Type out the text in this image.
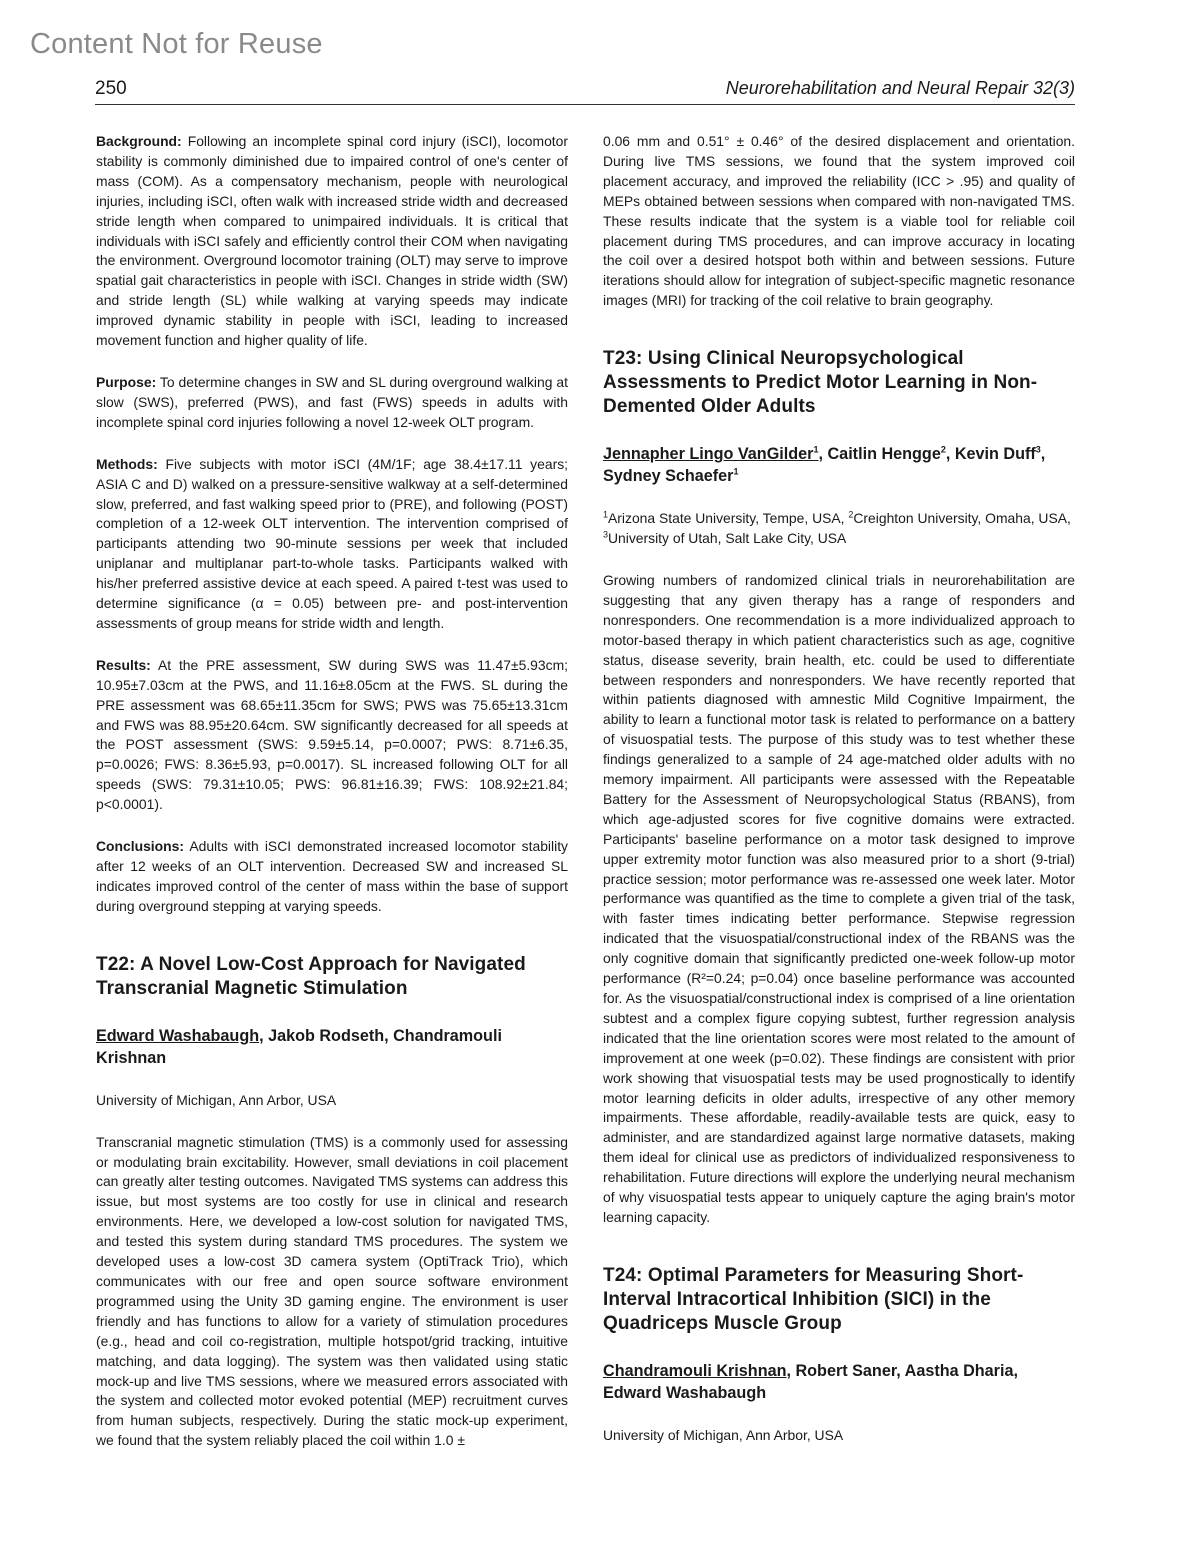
Content Not for Reuse
250	Neurorehabilitation and Neural Repair 32(3)

Background: Following an incomplete spinal cord injury (iSCI), locomotor stability is commonly diminished due to impaired control of one's center of mass (COM). As a compensatory mechanism, people with neurological injuries, including iSCI, often walk with increased stride width and decreased stride length when compared to unimpaired individuals. It is critical that individuals with iSCI safely and efficiently control their COM when navigating the environment. Overground locomotor training (OLT) may serve to improve spatial gait characteristics in people with iSCI. Changes in stride width (SW) and stride length (SL) while walking at varying speeds may indicate improved dynamic stability in people with iSCI, leading to increased movement function and higher quality of life.

Purpose: To determine changes in SW and SL during overground walking at slow (SWS), preferred (PWS), and fast (FWS) speeds in adults with incomplete spinal cord injuries following a novel 12-week OLT program.

Methods: Five subjects with motor iSCI (4M/1F; age 38.4±17.11 years; ASIA C and D) walked on a pressure-sensitive walkway at a self-determined slow, preferred, and fast walking speed prior to (PRE), and following (POST) completion of a 12-week OLT intervention. The intervention comprised of participants attending two 90-minute sessions per week that included uniplanar and multiplanar part-to-whole tasks. Participants walked with his/her preferred assistive device at each speed. A paired t-test was used to determine significance (α = 0.05) between pre- and post-intervention assessments of group means for stride width and length.

Results: At the PRE assessment, SW during SWS was 11.47±5.93cm; 10.95±7.03cm at the PWS, and 11.16±8.05cm at the FWS. SL during the PRE assessment was 68.65±11.35cm for SWS; PWS was 75.65±13.31cm and FWS was 88.95±20.64cm. SW significantly decreased for all speeds at the POST assessment (SWS: 9.59±5.14, p=0.0007; PWS: 8.71±6.35, p=0.0026; FWS: 8.36±5.93, p=0.0017). SL increased following OLT for all speeds (SWS: 79.31±10.05; PWS: 96.81±16.39; FWS: 108.92±21.84; p<0.0001).

Conclusions: Adults with iSCI demonstrated increased locomotor stability after 12 weeks of an OLT intervention. Decreased SW and increased SL indicates improved control of the center of mass within the base of support during overground stepping at varying speeds.

T22: A Novel Low-Cost Approach for Navigated Transcranial Magnetic Stimulation

Edward Washabaugh, Jakob Rodseth, Chandramouli Krishnan

University of Michigan, Ann Arbor, USA

Transcranial magnetic stimulation (TMS) is a commonly used for assessing or modulating brain excitability. However, small deviations in coil placement can greatly alter testing outcomes. Navigated TMS systems can address this issue, but most systems are too costly for use in clinical and research environments. Here, we developed a low-cost solution for navigated TMS, and tested this system during standard TMS procedures. The system we developed uses a low-cost 3D camera system (OptiTrack Trio), which communicates with our free and open source software environment programmed using the Unity 3D gaming engine. The environment is user friendly and has functions to allow for a variety of stimulation procedures (e.g., head and coil co-registration, multiple hotspot/grid tracking, intuitive matching, and data logging). The system was then validated using static mock-up and live TMS sessions, where we measured errors associated with the system and collected motor evoked potential (MEP) recruitment curves from human subjects, respectively. During the static mock-up experiment, we found that the system reliably placed the coil within 1.0 ±

0.06 mm and 0.51° ± 0.46° of the desired displacement and orientation. During live TMS sessions, we found that the system improved coil placement accuracy, and improved the reliability (ICC > .95) and quality of MEPs obtained between sessions when compared with non-navigated TMS. These results indicate that the system is a viable tool for reliable coil placement during TMS procedures, and can improve accuracy in locating the coil over a desired hotspot both within and between sessions. Future iterations should allow for integration of subject-specific magnetic resonance images (MRI) for tracking of the coil relative to brain geography.

T23: Using Clinical Neuropsychological Assessments to Predict Motor Learning in Non-Demented Older Adults

Jennapher Lingo VanGilder$^1$, Caitlin Hengge$^2$, Kevin Duff$^3$, Sydney Schaefer$^1$

$^1$Arizona State University, Tempe, USA, $^2$Creighton University, Omaha, USA, $^3$University of Utah, Salt Lake City, USA

Growing numbers of randomized clinical trials in neurorehabilitation are suggesting that any given therapy has a range of responders and nonresponders. One recommendation is a more individualized approach to motor-based therapy in which patient characteristics such as age, cognitive status, disease severity, brain health, etc. could be used to differentiate between responders and nonresponders. We have recently reported that within patients diagnosed with amnestic Mild Cognitive Impairment, the ability to learn a functional motor task is related to performance on a battery of visuospatial tests. The purpose of this study was to test whether these findings generalized to a sample of 24 age-matched older adults with no memory impairment. All participants were assessed with the Repeatable Battery for the Assessment of Neuropsychological Status (RBANS), from which age-adjusted scores for five cognitive domains were extracted. Participants' baseline performance on a motor task designed to improve upper extremity motor function was also measured prior to a short (9-trial) practice session; motor performance was re-assessed one week later. Motor performance was quantified as the time to complete a given trial of the task, with faster times indicating better performance. Stepwise regression indicated that the visuospatial/constructional index of the RBANS was the only cognitive domain that significantly predicted one-week follow-up motor performance (R²=0.24; p=0.04) once baseline performance was accounted for. As the visuospatial/constructional index is comprised of a line orientation subtest and a complex figure copying subtest, further regression analysis indicated that the line orientation scores were most related to the amount of improvement at one week (p=0.02). These findings are consistent with prior work showing that visuospatial tests may be used prognostically to identify motor learning deficits in older adults, irrespective of any other memory impairments. These affordable, readily-available tests are quick, easy to administer, and are standardized against large normative datasets, making them ideal for clinical use as predictors of individualized responsiveness to rehabilitation. Future directions will explore the underlying neural mechanism of why visuospatial tests appear to uniquely capture the aging brain's motor learning capacity.

T24: Optimal Parameters for Measuring Short-Interval Intracortical Inhibition (SICI) in the Quadriceps Muscle Group

Chandramouli Krishnan, Robert Saner, Aastha Dharia, Edward Washabaugh

University of Michigan, Ann Arbor, USA
